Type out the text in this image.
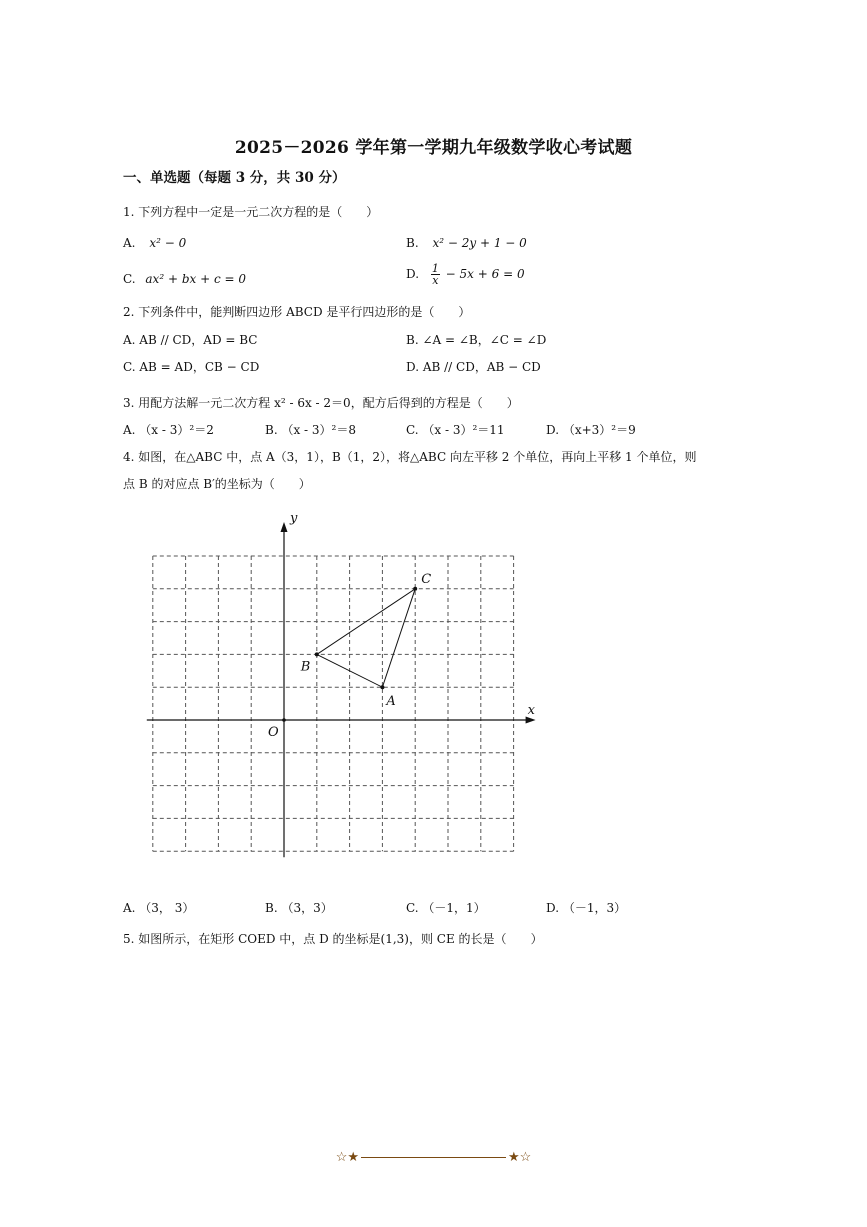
2025－2026 学年第一学期九年级数学收心考试题
一、单选题（每题 3 分，共 30 分）
1. 下列方程中一定是一元二次方程的是（　　）
A. x² − 0	B. x² − 2y + 1 − 0
C. ax² + bx + c = 0	D. $\frac{1}{x} - 5x + 6 = 0$
2. 下列条件中，能判断四边形 ABCD 是平行四边形的是（　　）
A. AB // CD，AD = BC	B. ∠A = ∠B，∠C = ∠D
C. AB = AD，CB − CD	D. AB // CD，AB − CD
3. 用配方法解一元二次方程 x² - 6x - 2＝0，配方后得到的方程是（　　）
A. （x - 3）²＝2	B. （x - 3）²＝8	C. （x - 3）²＝11	D. （x+3）²＝9
4. 如图，在△ABC 中，点 A（3，1），B（1，2），将△ABC 向左平移 2 个单位，再向上平移 1 个单位，则
点 B 的对应点 B′的坐标为（　　）
x
y
O
A
B
C
A. （3， 3）	B. （3，3）	C. （－1，1）	D. （－1，3）
5. 如图所示，在矩形 COED 中，点 D 的坐标是(1,3)，则 CE 的长是（　　）
☆★	★☆
